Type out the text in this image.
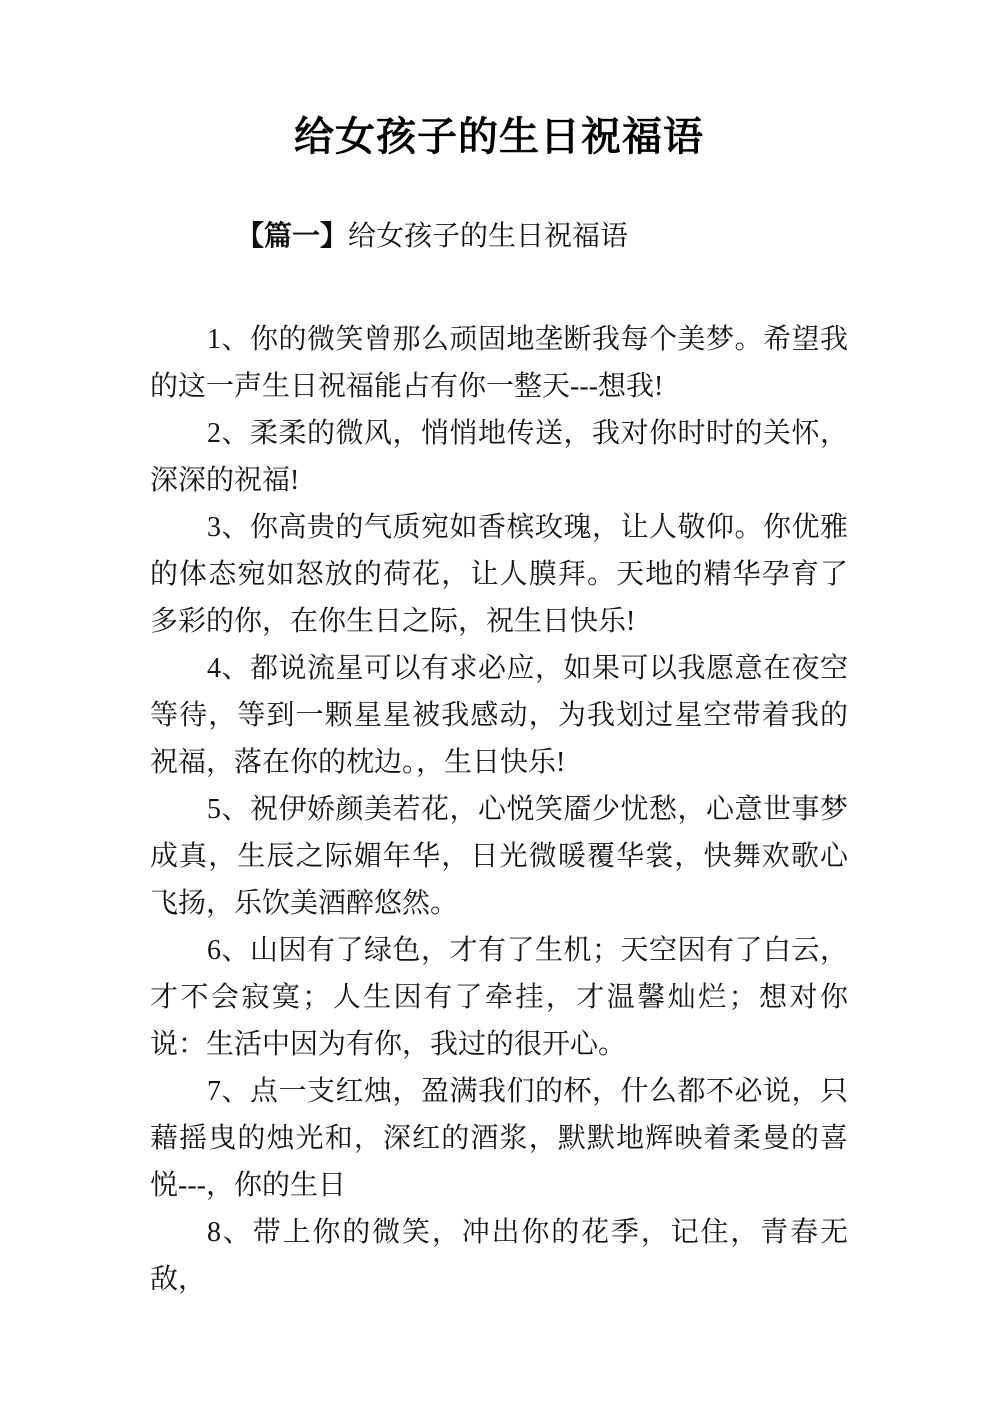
给女孩子的生日祝福语
【篇一】给女孩子的生日祝福语

1、你的微笑曾那么顽固地垄断我每个美梦。希望我的这一声生日祝福能占有你一整天---想我!

2、柔柔的微风，悄悄地传送，我对你时时的关怀，深深的祝福!

3、你高贵的气质宛如香槟玫瑰，让人敬仰。你优雅的体态宛如怒放的荷花，让人膜拜。天地的精华孕育了多彩的你，在你生日之际，祝生日快乐!

4、都说流星可以有求必应，如果可以我愿意在夜空等待，等到一颗星星被我感动，为我划过星空带着我的祝福，落在你的枕边。，生日快乐!

5、祝伊娇颜美若花，心悦笑靥少忧愁，心意世事梦成真，生辰之际媚年华，日光微暖覆华裳，快舞欢歌心飞扬，乐饮美酒醉悠然。

6、山因有了绿色，才有了生机；天空因有了白云，才不会寂寞；人生因有了牵挂，才温馨灿烂；想对你说：生活中因为有你，我过的很开心。

7、点一支红烛，盈满我们的杯，什么都不必说，只藉摇曳的烛光和，深红的酒浆，默默地辉映着柔曼的喜悦---，你的生日

8、带上你的微笑，冲出你的花季，记住，青春无敌，
